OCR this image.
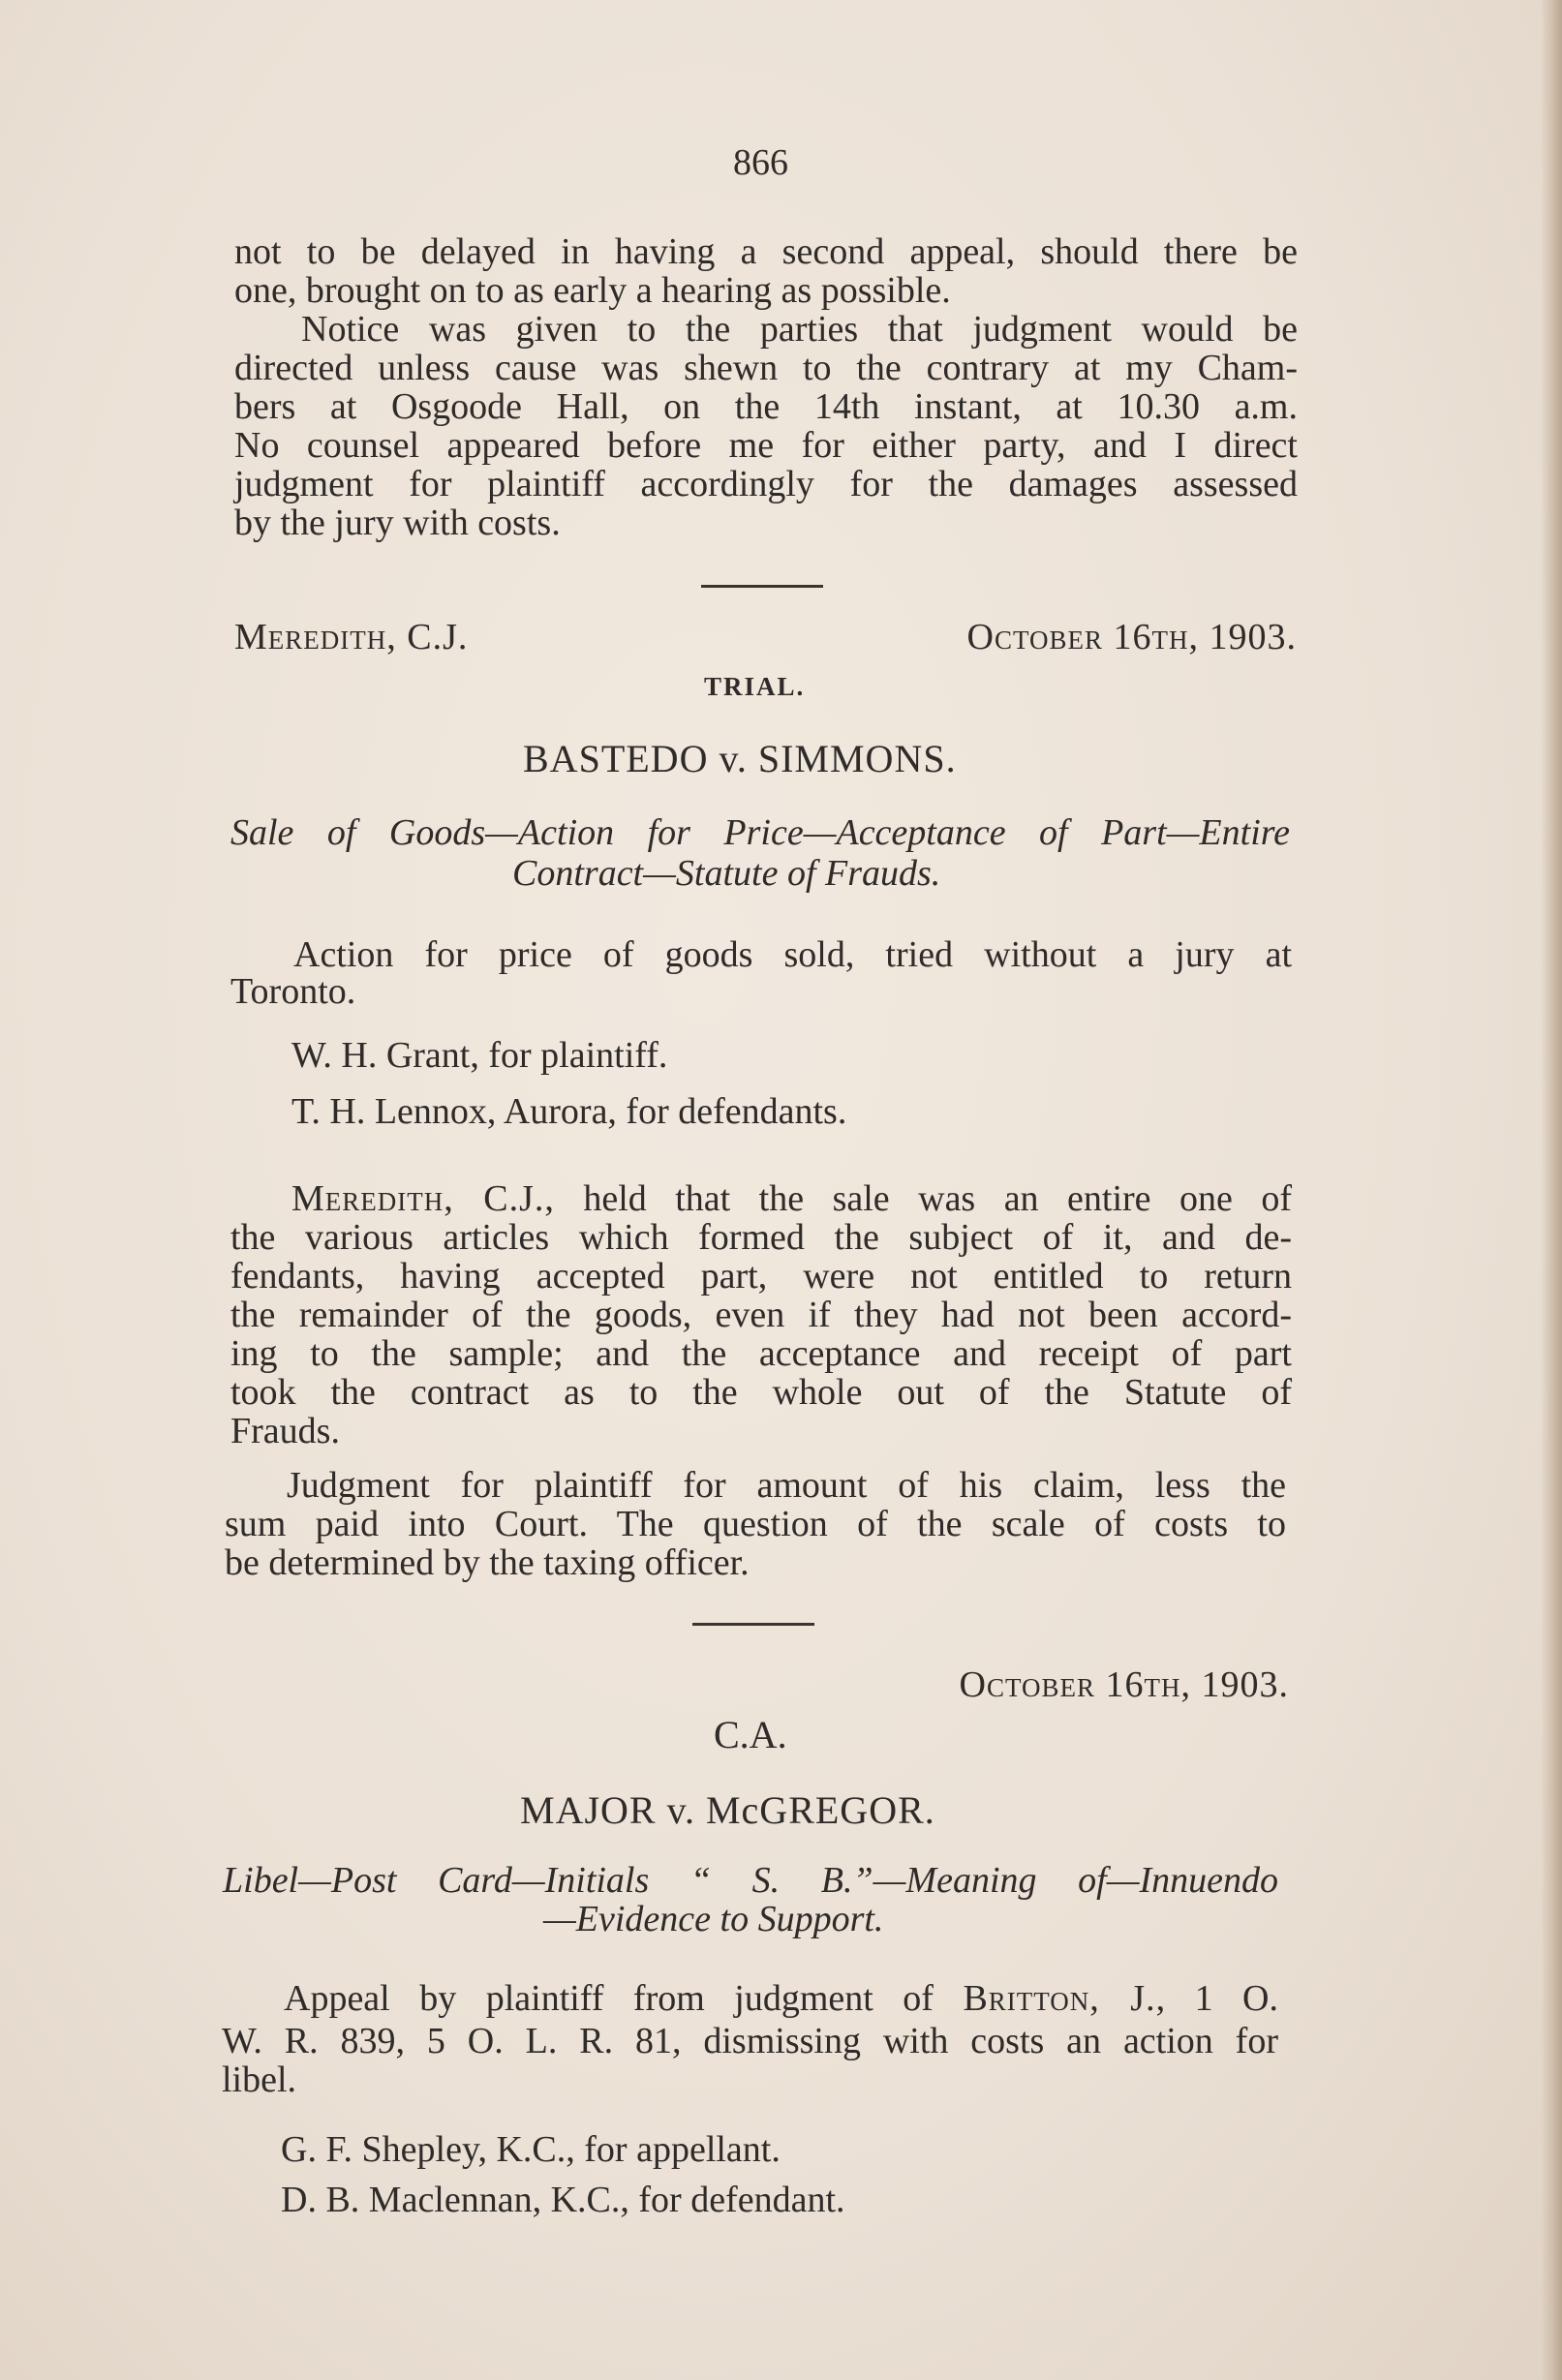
866
not to be delayed in having a second appeal, should there be
one, brought on to as early a hearing as possible.
Notice was given to the parties that judgment would be
directed unless cause was shewn to the contrary at my Cham-
bers at Osgoode Hall, on the 14th instant, at 10.30 a.m.
No counsel appeared before me for either party, and I direct
judgment for plaintiff accordingly for the damages assessed
by the jury with costs.
Meredith, C.J.	October 16th, 1903.
TRIAL.
BASTEDO v. SIMMONS.
Sale of Goods—Action for Price—Acceptance of Part—Entire
Contract—Statute of Frauds.
Action for price of goods sold, tried without a jury at
Toronto.
W. H. Grant, for plaintiff.
T. H. Lennox, Aurora, for defendants.
Meredith, C.J., held that the sale was an entire one of
the various articles which formed the subject of it, and de-
fendants, having accepted part, were not entitled to return
the remainder of the goods, even if they had not been accord-
ing to the sample; and the acceptance and receipt of part
took the contract as to the whole out of the Statute of
Frauds.
Judgment for plaintiff for amount of his claim, less the
sum paid into Court. The question of the scale of costs to
be determined by the taxing officer.
October 16th, 1903.
C.A.
MAJOR v. McGREGOR.
Libel—Post Card—Initials “ S. B.”—Meaning of—Innuendo
—Evidence to Support.
Appeal by plaintiff from judgment of Britton, J., 1 O.
W. R. 839, 5 O. L. R. 81, dismissing with costs an action for
libel.
G. F. Shepley, K.C., for appellant.
D. B. Maclennan, K.C., for defendant.
